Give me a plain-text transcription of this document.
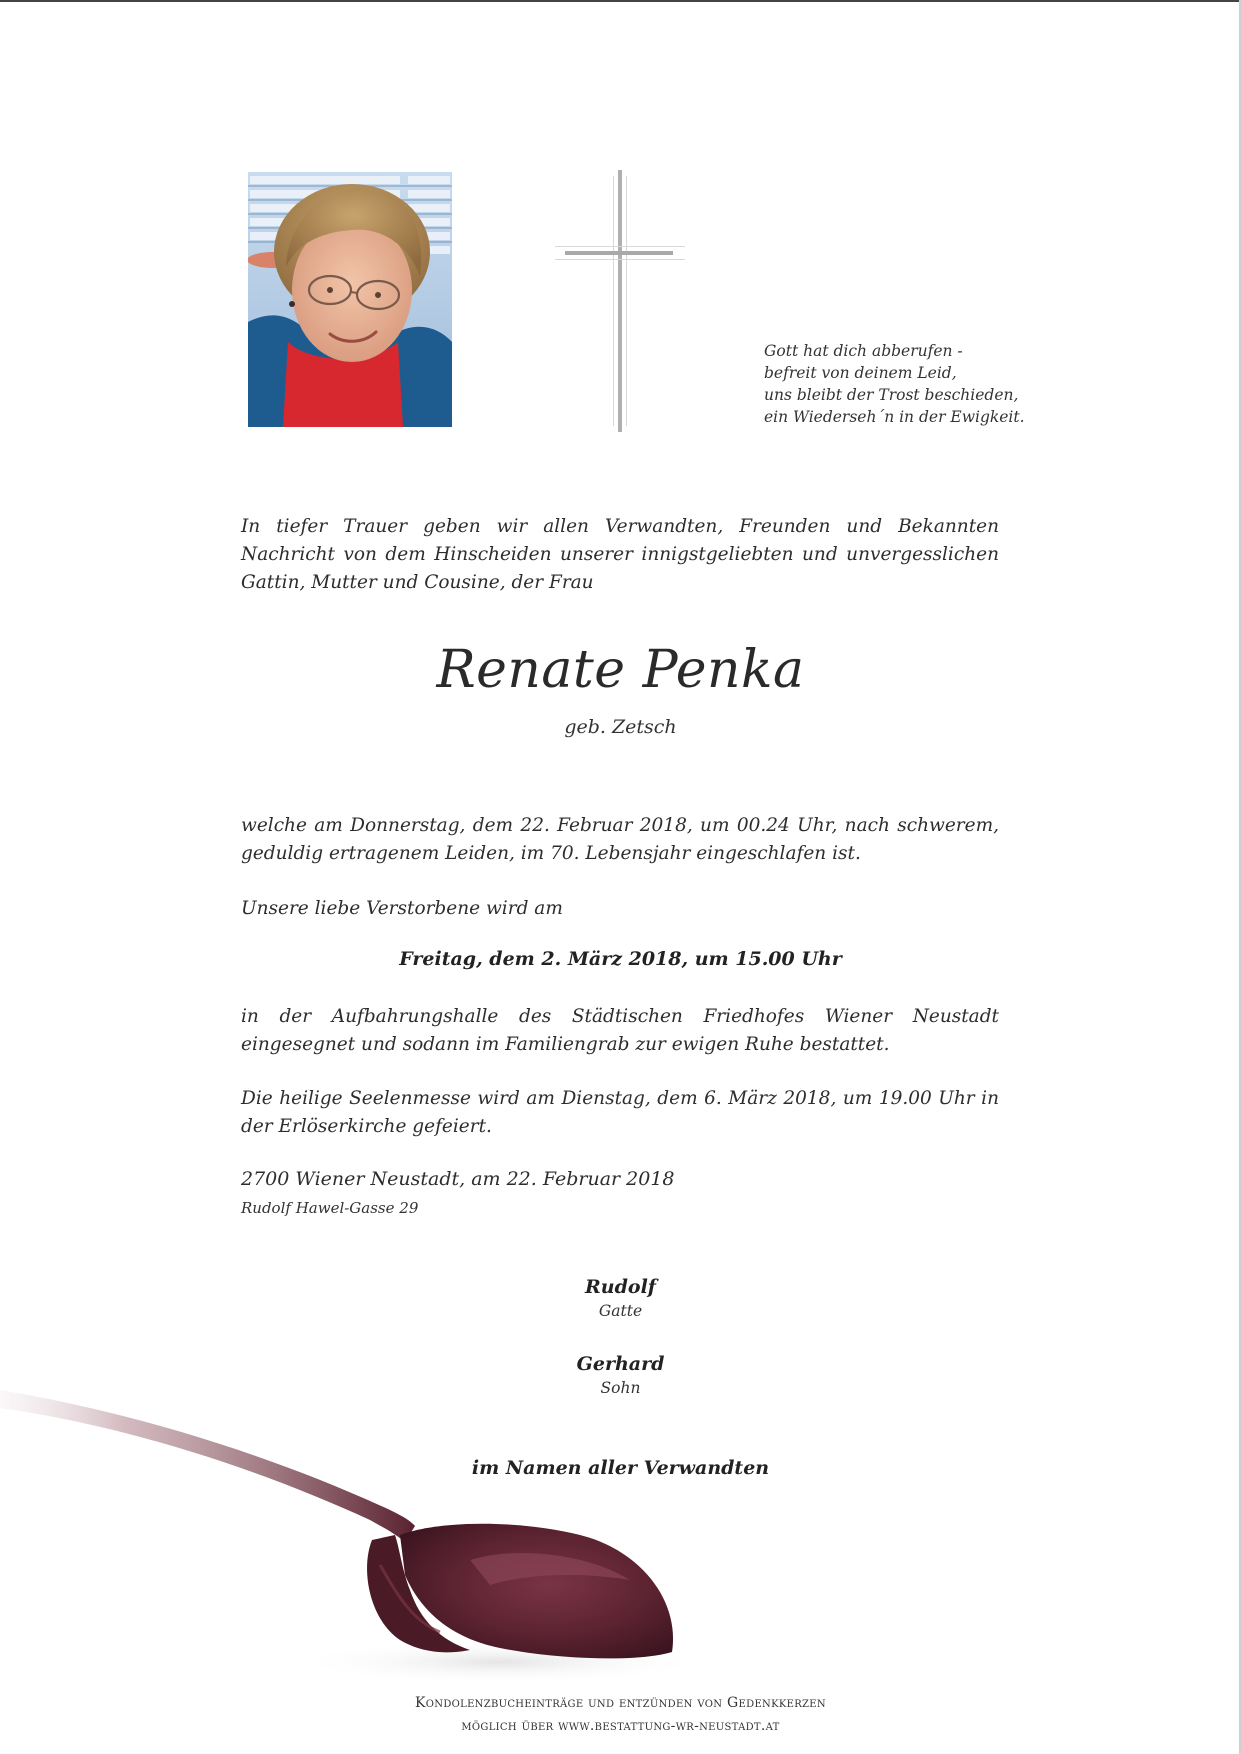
Gott hat dich abberufen -
befreit von deinem Leid,
uns bleibt der Trost beschieden,
ein Wiederseh´n in der Ewigkeit.
In tiefer Trauer geben wir allen Verwandten, Freunden und Bekannten Nachricht von dem Hinscheiden unserer innigstgeliebten und unvergesslichen Gattin, Mutter und Cousine, der Frau
Renate Penka
geb. Zetsch
welche am Donnerstag, dem 22. Februar 2018, um 00.24 Uhr, nach schwerem, geduldig ertragenem Leiden, im 70. Lebensjahr eingeschlafen ist.
Unsere liebe Verstorbene wird am
Freitag, dem 2. März 2018, um 15.00 Uhr
in der Aufbahrungshalle des Städtischen Friedhofes Wiener Neustadt eingesegnet und sodann im Familiengrab zur ewigen Ruhe bestattet.
Die heilige Seelenmesse wird am Dienstag, dem 6. März 2018, um 19.00 Uhr in der Erlöserkirche gefeiert.
2700 Wiener Neustadt, am 22. Februar 2018
Rudolf Hawel-Gasse 29
Rudolf
Gatte
Gerhard
Sohn
im Namen aller Verwandten
Kondolenzbucheinträge und entzünden von Gedenkkerzen
möglich über www.bestattung-wr-neustadt.at
